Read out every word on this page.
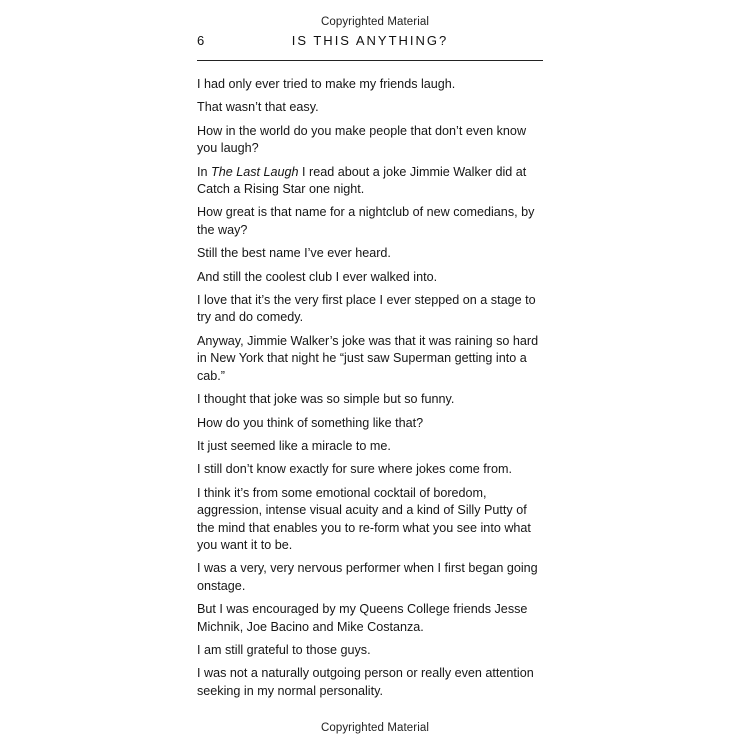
Copyrighted Material
6	IS THIS ANYTHING?

I had only ever tried to make my friends laugh.

That wasn’t that easy.

How in the world do you make people that don’t even know you laugh?

In The Last Laugh I read about a joke Jimmie Walker did at Catch a Rising Star one night.

How great is that name for a nightclub of new comedians, by the way?

Still the best name I’ve ever heard.

And still the coolest club I ever walked into.

I love that it’s the very first place I ever stepped on a stage to try and do comedy.

Anyway, Jimmie Walker’s joke was that it was raining so hard in New York that night he “just saw Superman getting into a cab.”

I thought that joke was so simple but so funny.

How do you think of something like that?

It just seemed like a miracle to me.

I still don’t know exactly for sure where jokes come from.

I think it’s from some emotional cocktail of boredom, aggression, intense visual acuity and a kind of Silly Putty of the mind that enables you to re-form what you see into what you want it to be.

I was a very, very nervous performer when I first began going onstage.

But I was encouraged by my Queens College friends Jesse Michnik, Joe Bacino and Mike Costanza.

I am still grateful to those guys.

I was not a naturally outgoing person or really even attention seeking in my normal personality.

Copyrighted Material
